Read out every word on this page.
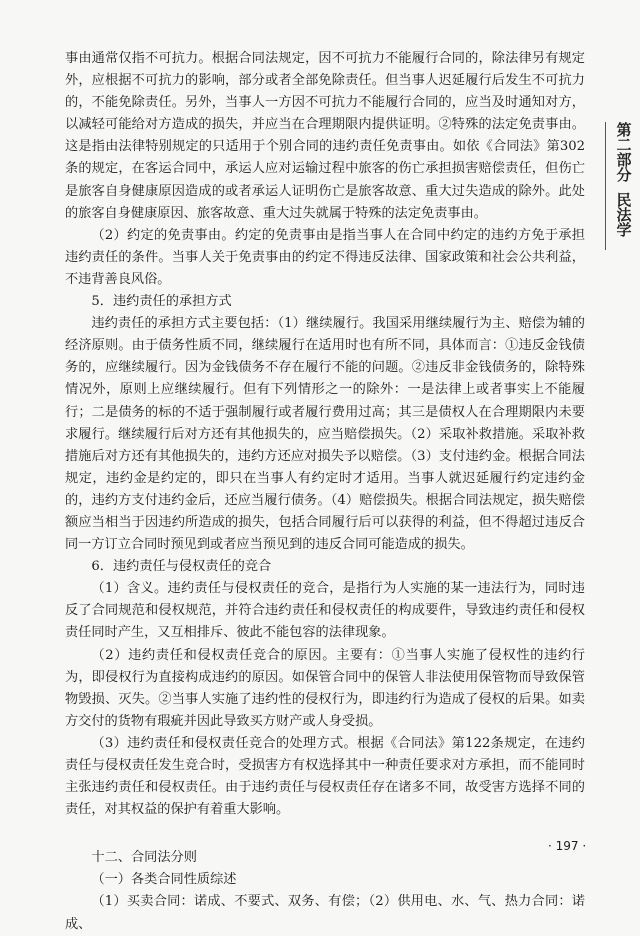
第二部分
民法学

事由通常仅指不可抗力。根据合同法规定，因不可抗力不能履行合同的，除法律另有规定外，应根据不可抗力的影响，部分或者全部免除责任。但当事人迟延履行后发生不可抗力的，不能免除责任。另外，当事人一方因不可抗力不能履行合同的，应当及时通知对方，以减轻可能给对方造成的损失，并应当在合理期限内提供证明。②特殊的法定免责事由。这是指由法律特别规定的只适用于个别合同的违约责任免责事由。如依《合同法》第302条的规定，在客运合同中，承运人应对运输过程中旅客的伤亡承担损害赔偿责任，但伤亡是旅客自身健康原因造成的或者承运人证明伤亡是旅客故意、重大过失造成的除外。此处的旅客自身健康原因、旅客故意、重大过失就属于特殊的法定免责事由。

（2）约定的免责事由。约定的免责事由是指当事人在合同中约定的违约方免于承担违约责任的条件。当事人关于免责事由的约定不得违反法律、国家政策和社会公共利益，不违背善良风俗。

5．违约责任的承担方式

违约责任的承担方式主要包括：（1）继续履行。我国采用继续履行为主、赔偿为辅的经济原则。由于债务性质不同，继续履行在适用时也有所不同，具体而言：①违反金钱债务的，应继续履行。因为金钱债务不存在履行不能的问题。②违反非金钱债务的，除特殊情况外，原则上应继续履行。但有下列情形之一的除外：一是法律上或者事实上不能履行；二是债务的标的不适于强制履行或者履行费用过高；其三是债权人在合理期限内未要求履行。继续履行后对方还有其他损失的，应当赔偿损失。（2）采取补救措施。采取补救措施后对方还有其他损失的，违约方还应对损失予以赔偿。（3）支付违约金。根据合同法规定，违约金是约定的，即只在当事人有约定时才适用。当事人就迟延履行约定违约金的，违约方支付违约金后，还应当履行债务。（4）赔偿损失。根据合同法规定，损失赔偿额应当相当于因违约所造成的损失，包括合同履行后可以获得的利益，但不得超过违反合同一方订立合同时预见到或者应当预见到的违反合同可能造成的损失。

6．违约责任与侵权责任的竞合

（1）含义。违约责任与侵权责任的竞合，是指行为人实施的某一违法行为，同时违反了合同规范和侵权规范，并符合违约责任和侵权责任的构成要件，导致违约责任和侵权责任同时产生，又互相排斥、彼此不能包容的法律现象。

（2）违约责任和侵权责任竞合的原因。主要有：①当事人实施了侵权性的违约行为，即侵权行为直接构成违约的原因。如保管合同中的保管人非法使用保管物而导致保管物毁损、灭失。②当事人实施了违约性的侵权行为，即违约行为造成了侵权的后果。如卖方交付的货物有瑕疵并因此导致买方财产或人身受损。

（3）违约责任和侵权责任竞合的处理方式。根据《合同法》第122条规定，在违约责任与侵权责任发生竞合时，受损害方有权选择其中一种责任要求对方承担，而不能同时主张违约责任和侵权责任。由于违约责任与侵权责任存在诸多不同，故受害方选择不同的责任，对其权益的保护有着重大影响。

十二、合同法分则

（一）各类合同性质综述

（1）买卖合同：诺成、不要式、双务、有偿；（2）供用电、水、气、热力合同：诺成、

· 197 ·
